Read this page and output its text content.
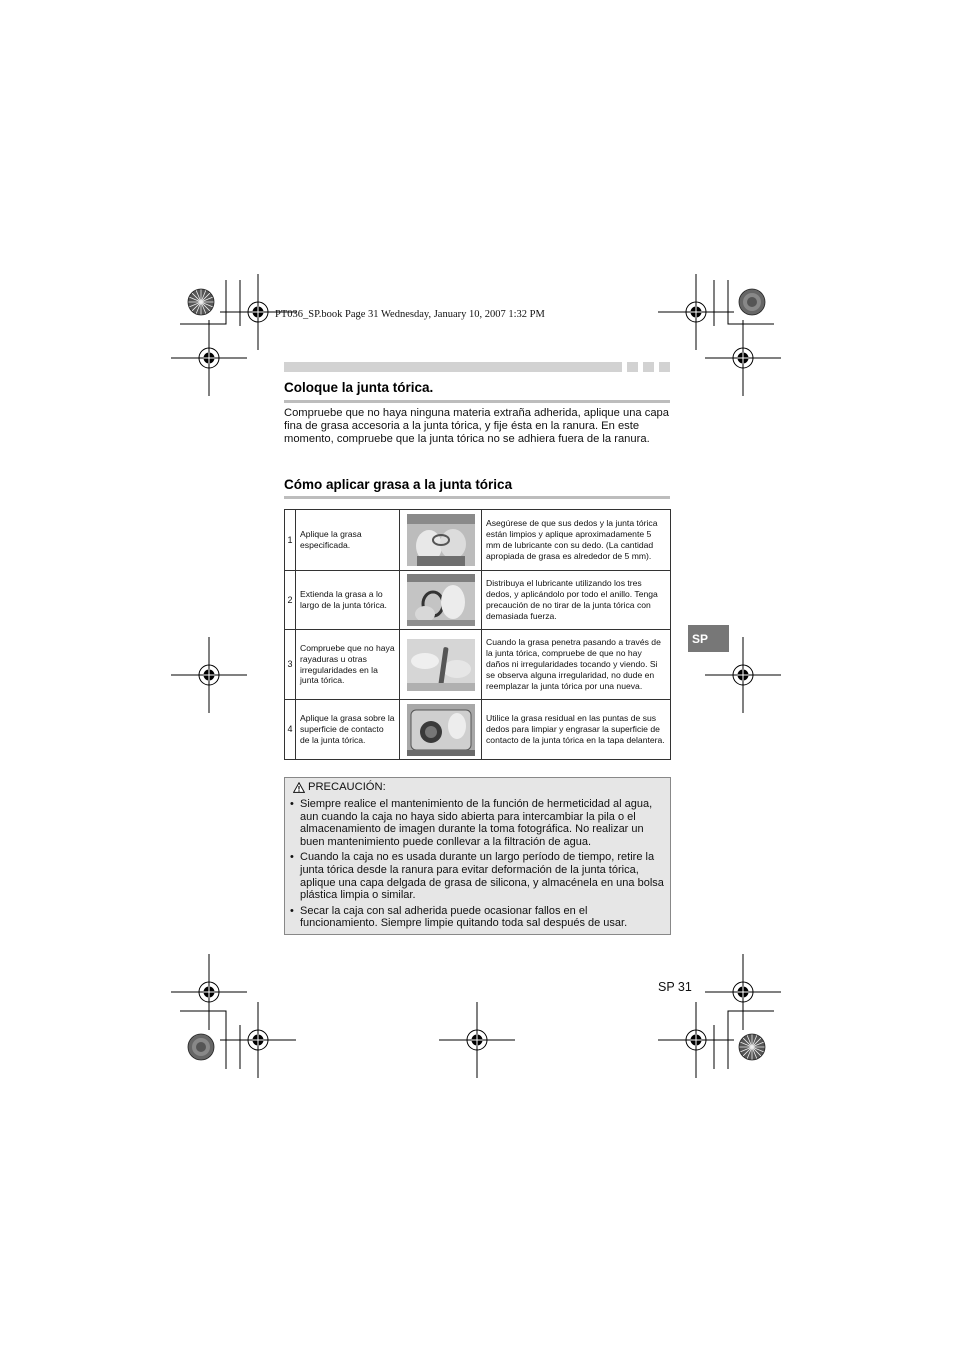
PT036_SP.book Page 31 Wednesday, January 10, 2007 1:32 PM
Coloque la junta tórica.
Compruebe que no haya ninguna materia extraña adherida, aplique una capa fina de grasa accesoria a la junta tórica, y fije ésta en la ranura. En este momento, compruebe que la junta tórica no se adhiera fuera de la ranura.
Cómo aplicar grasa a la junta tórica
1	Aplique la grasa especificada.		Asegúrese de que sus dedos y la junta tórica están limpios y aplique aproximadamente 5 mm de lubricante con su dedo. (La cantidad apropiada de grasa es alrededor de 5 mm).
2	Extienda la grasa a lo largo de la junta tórica.		Distribuya el lubricante utilizando los tres dedos, y aplicándolo por todo el anillo. Tenga precaución de no tirar de la junta tórica con demasiada fuerza.
3	Compruebe que no haya rayaduras u otras irregularidades en la junta tórica.		Cuando la grasa penetra pasando a través de la junta tórica, compruebe de que no hay daños ni irregularidades tocando y viendo. Si se observa alguna irregularidad, no dude en reemplazar la junta tórica por una nueva.
4	Aplique la grasa sobre la superficie de contacto de la junta tórica.		Utilice la grasa residual en las puntas de sus dedos para limpiar y engrasar la superficie de contacto de la junta tórica en la tapa delantera.
PRECAUCIÓN:
• Siempre realice el mantenimiento de la función de hermeticidad al agua, aun cuando la caja no haya sido abierta para intercambiar la pila o el almacenamiento de imagen durante la toma fotográfica. No realizar un buen mantenimiento puede conllevar a la filtración de agua.
• Cuando la caja no es usada durante un largo período de tiempo, retire la junta tórica desde la ranura para evitar deformación de la junta tórica, aplique una capa delgada de grasa de silicona, y almacénela en una bolsa plástica limpia o similar.
• Secar la caja con sal adherida puede ocasionar fallos en el funcionamiento. Siempre limpie quitando toda sal después de usar.
SP
SP 31
